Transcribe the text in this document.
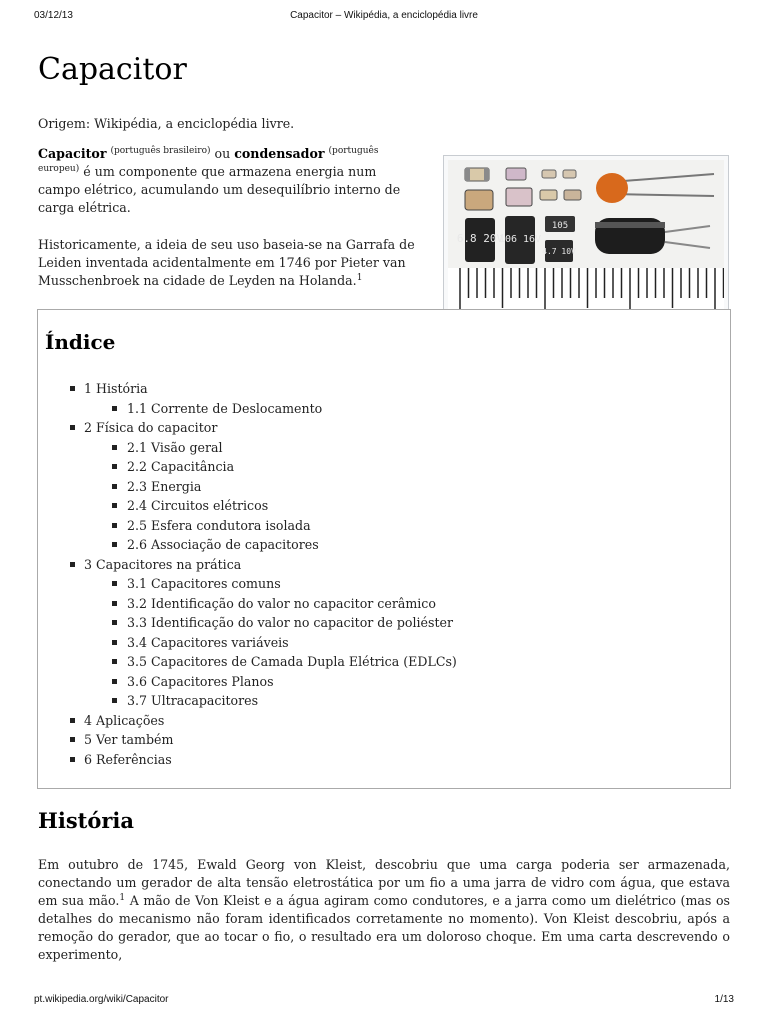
03/12/13	Capacitor – Wikipédia, a enciclopédia livre
pt.wikipedia.org/wiki/Capacitor	1/13
Capacitor

Origem: Wikipédia, a enciclopédia livre.

Capacitor $^{(português brasileiro)}$ ou condensador $^{(português europeu)}$ é um componente que armazena energia num campo elétrico, acumulando um desequilíbrio interno de carga elétrica.

Historicamente, a ideia de seu uso baseia-se na Garrafa de Leiden inventada acidentalmente em 1746 por Pieter van Musschenbroek na cidade de Leyden na Holanda.$^1$

6.8 20V
106 16V
105
4.7 10V
Índice
1 História
1.1 Corrente de Deslocamento
2 Física do capacitor
2.1 Visão geral
2.2 Capacitância
2.3 Energia
2.4 Circuitos elétricos
2.5 Esfera condutora isolada
2.6 Associação de capacitores
3 Capacitores na prática
3.1 Capacitores comuns
3.2 Identificação do valor no capacitor cerâmico
3.3 Identificação do valor no capacitor de poliéster
3.4 Capacitores variáveis
3.5 Capacitores de Camada Dupla Elétrica (EDLCs)
3.6 Capacitores Planos
3.7 Ultracapacitores
4 Aplicações
5 Ver também
6 Referências
História

Em outubro de 1745, Ewald Georg von Kleist, descobriu que uma carga poderia ser armazenada, conectando um gerador de alta tensão eletrostática por um fio a uma jarra de vidro com água, que estava em sua mão.$^1$ A mão de Von Kleist e a água agiram como condutores, e a jarra como um dielétrico (mas os detalhes do mecanismo não foram identificados corretamente no momento). Von Kleist descobriu, após a remoção do gerador, que ao tocar o fio, o resultado era um doloroso choque. Em uma carta descrevendo o experimento,
